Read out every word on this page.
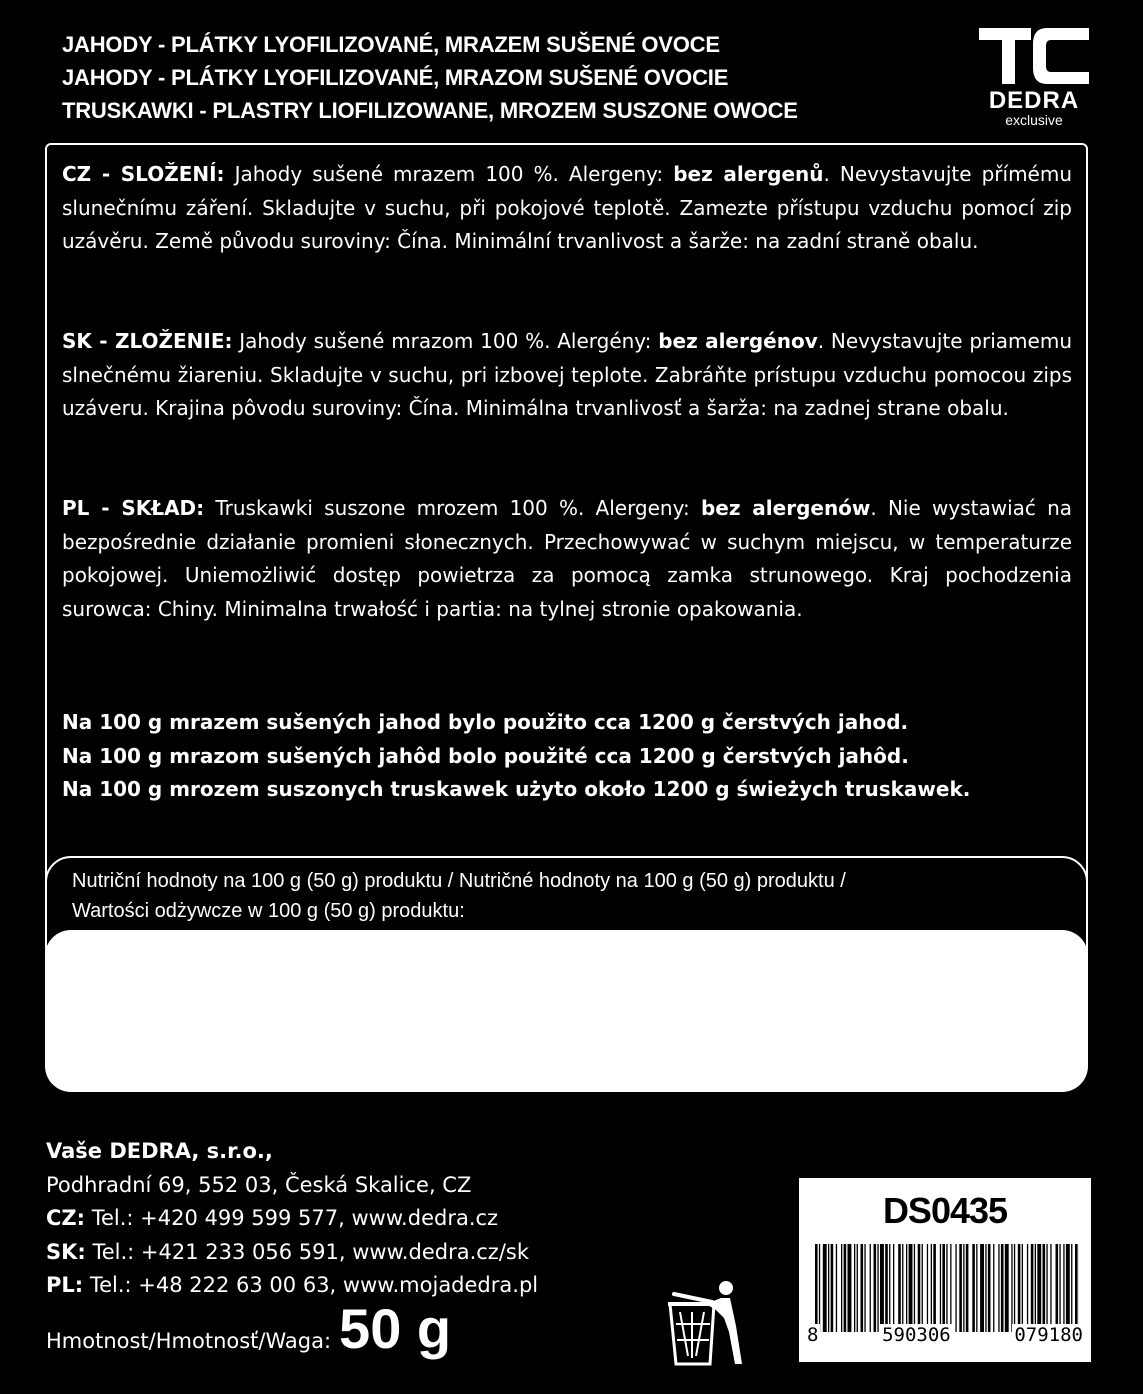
JAHODY - PLÁTKY LYOFILIZOVANÉ, MRAZEM SUŠENÉ OVOCE
JAHODY - PLÁTKY LYOFILIZOVANÉ, MRAZOM SUŠENÉ OVOCIE
TRUSKAWKI - PLASTRY LIOFILIZOWANE, MROZEM SUSZONE OWOCE	DEDRA
exclusive
CZ - SLOŽENÍ: Jahody sušené mrazem 100 %. Alergeny: bez alergenů. Nevystavujte přímému slunečnímu záření. Skladujte v suchu, při pokojové teplotě. Zamezte přístupu vzduchu pomocí zip uzávěru. Země původu suroviny: Čína. Minimální trvanlivost a šarže: na zadní straně obalu.
SK - ZLOŽENIE: Jahody sušené mrazom 100 %. Alergény: bez alergénov. Nevystavujte priamemu slnečnému žiareniu. Skladujte v suchu, pri izbovej teplote. Zabráňte prístupu vzduchu pomocou zips uzáveru. Krajina pôvodu suroviny: Čína. Minimálna trvanlivosť a šarža: na zadnej strane obalu.
PL - SKŁAD: Truskawki suszone mrozem 100 %. Alergeny: bez alergenów. Nie wystawiać na bezpośrednie działanie promieni słonecznych. Przechowywać w suchym miejscu, w temperaturze pokojowej. Uniemożliwić dostęp powietrza za pomocą zamka strunowego. Kraj pochodzenia surowca: Chiny. Minimalna trwałość i partia: na tylnej stronie opakowania.
Na 100 g mrazem sušených jahod bylo použito cca 1200 g čerstvých jahod.
Na 100 g mrazom sušených jahôd bolo použité cca 1200 g čerstvých jahôd.
Na 100 g mrozem suszonych truskawek użyto około 1200 g świeżych truskawek.
Nutriční hodnoty na 100 g (50 g) produktu / Nutričné hodnoty na 100 g (50 g) produktu /
Wartości odżywcze w 100 g (50 g) produktu:
Energetická hodnota / Wartość energetyczna: 352 kcal / 1471 kJ (156 kcal / 736 kJ). Tuky /Tłuszcze:
1,3 g (0,65 g), z toho nasycené mastné kyseliny / z toho nasýtené mastné kyseliny / w tym kwasy tłuszczowe nasycone: 0 g (0 g). Sacharidy / Węglowodany: 76 g (39 g), z toho cukry / w tym cukry:
67,9 g (33,45 g). Bílkoviny/ Bielkoviny/ Białka: 7,7 g (3,85 g). Sůl/ Sol/ Sól: 151 mg (76 mg).
Vaše DEDRA, s.r.o.,
Podhradní 69, 552 03, Česká Skalice, CZ
CZ: Tel.: +420 499 599 577, www.dedra.cz
SK: Tel.: +421 233 056 591, www.dedra.cz/sk
PL: Tel.: +48 222 63 00 63, www.mojadedra.pl
Hmotnost/Hmotnosť/Waga: 50 g
DS0435
8	590306	079180
